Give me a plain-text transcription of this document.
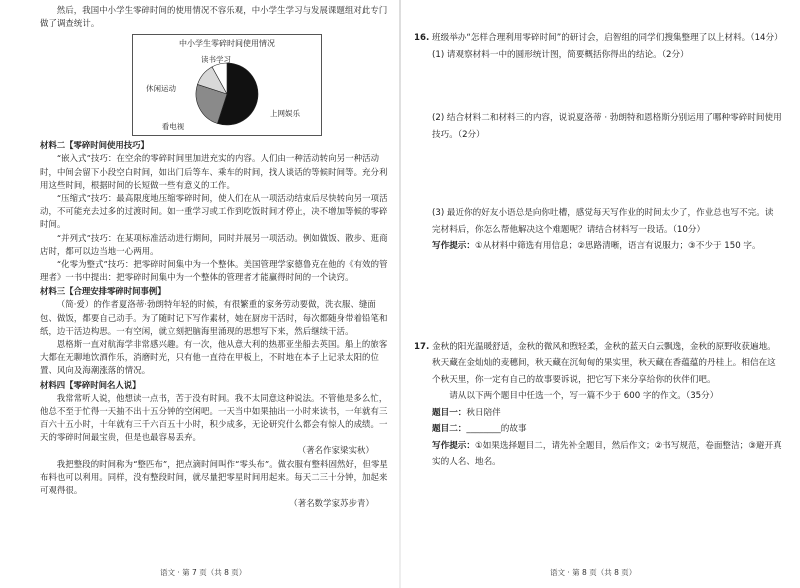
然后，我国中小学生零碎时间的使用情况不容乐观，中小学生学习与发展课题组对此专门做了调查统计。

中小学生零碎时间使用情况
上网娱乐
看电视
休闲运动
读书学习

材料二【零碎时间使用技巧】

“嵌入式”技巧：在空余的零碎时间里加进充实的内容。人们由一种活动转向另一种活动时，中间会留下小段空白时间，如出门后等车、乘车的时间，找人谈话的等候时间等。充分利用这些时间，根据时间的长短做一些有意义的工作。

“压缩式”技巧：最高限度地压缩零碎时间，使人们在从一项活动结束后尽快转向另一项活动，不可能充去过多的过渡时间。如一重学习或工作到吃饭时间才停止，决不增加等候的零碎时间。

“并列式”技巧：在某项标准活动进行期间，同时并展另一项活动。例如做饭、散步、逛商店时，都可以边当地一心两用。

“化零为整式”技巧：把零碎时间集中为一个整体。美国管理学家德鲁克在他的《有效的管理者》一书中提出：把零碎时间集中为一个整体的管理者才能赢得时间的一个诀窍。

材料三【合理安排零碎时间事例】

（简·爱）的作者夏洛蒂·勃朗特年轻的时候，有很繁重的家务劳动要做，洗衣服、缝面包、做饭，都要自己动手。为了随时记下写作素材，她在厨房干活时，每次都随身带着铅笔和纸，边干活边构思。一有空闲，就立刻把脑海里涌现的思想写下来，然后继续干活。

恩格斯一直对航海学非常感兴趣。有一次，他从意大利的热那亚坐船去英国。船上的旅客大都在无聊地饮酒作乐，消磨时光，只有他一直待在甲板上，不时地在本子上记录太阳的位置、风向及海潮涨落的情况。

材料四【零碎时间名人说】

我常常听人说，他想读一点书，苦于没有时间。我不太同意这种说法。不管他是多么忙，他总不至于忙得一天抽不出十五分钟的空闲吧。一天当中如果抽出一小时来读书，一年就有三百六十五小时，十年就有三千六百五十小时，积少成多，无论研究什么都会有惊人的成绩。一天的零碎时间最宝贵，但是也最容易丢弃。

（著名作家梁实秋）

我把整段的时间称为“整匹布”，把点滴时间叫作“零头布”。做衣服有整料固然好，但零星布料也可以利用。同样，没有整段时间，就尽量把零星时间用起来。每天二三十分钟，加起来可观得很。

（著名数学家苏步青）

语文 · 第 7 页（共 8 页）
16. 班级举办“怎样合理利用零碎时间”的研讨会，启智组的同学们搜集整理了以上材料。（14分）

(1) 请观察材料一中的圆形统计图，简要概括你得出的结论。（2分）

(2) 结合材料二和材料三的内容，说说夏洛蒂 · 勃朗特和恩格斯分别运用了哪种零碎时间使用技巧。（2分）

(3) 最近你的好友小语总是向你吐槽，感觉每天写作业的时间太少了，作业总也写不完。读完材料后，你怎么帮他解决这个难题呢？请结合材料写一段话。（10分）

写作提示：①从材料中筛选有用信息；②思路清晰，语言有说服力；③不少于 150 字。

17. 金秋的阳光温暖舒适，金秋的微风和煦轻柔，金秋的蓝天白云飘逸，金秋的原野收获遍地。秋天藏在金灿灿的麦穗间，秋天藏在沉甸甸的果实里，秋天藏在香蕴蕴的丹桂上。相信在这个秋天里，你一定有自己的故事要诉说，把它写下来分享给你的伙伴们吧。

请从以下两个题目中任选一个，写一篇不少于 600 字的作文。（35分）

题目一：秋日陪伴

题目二：________的故事

写作提示：①如果选择题目二，请先补全题目，然后作文；②书写规范，卷面整洁；③避开真实的人名、地名。

语文 · 第 8 页（共 8 页）
